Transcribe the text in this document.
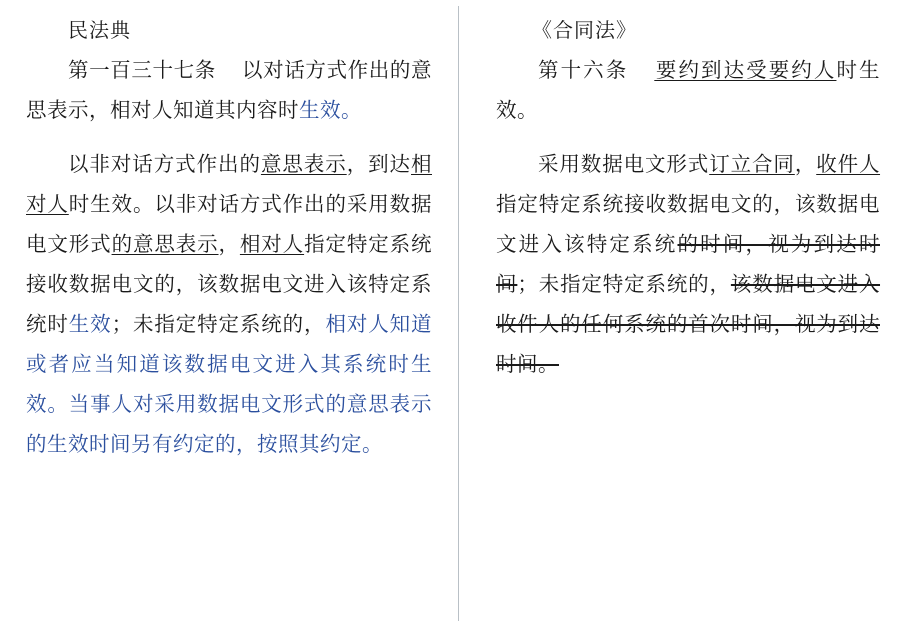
民法典
第一百三十七条 以对话方式作出的意思表示，相对人知道其内容时生效。
以非对话方式作出的意思表示，到达相对人时生效。以非对话方式作出的采用数据电文形式的意思表示，相对人指定特定系统接收数据电文的，该数据电文进入该特定系统时生效；未指定特定系统的，相对人知道或者应当知道该数据电文进入其系统时生效。当事人对采用数据电文形式的意思表示的生效时间另有约定的，按照其约定。
《合同法》
第十六条 要约到达受要约人时生效。
采用数据电文形式订立合同，收件人指定特定系统接收数据电文的，该数据电文进入该特定系统的时间，视为到达时间；未指定特定系统的，该数据电文进入收件人的任何系统的首次时间，视为到达时间。
